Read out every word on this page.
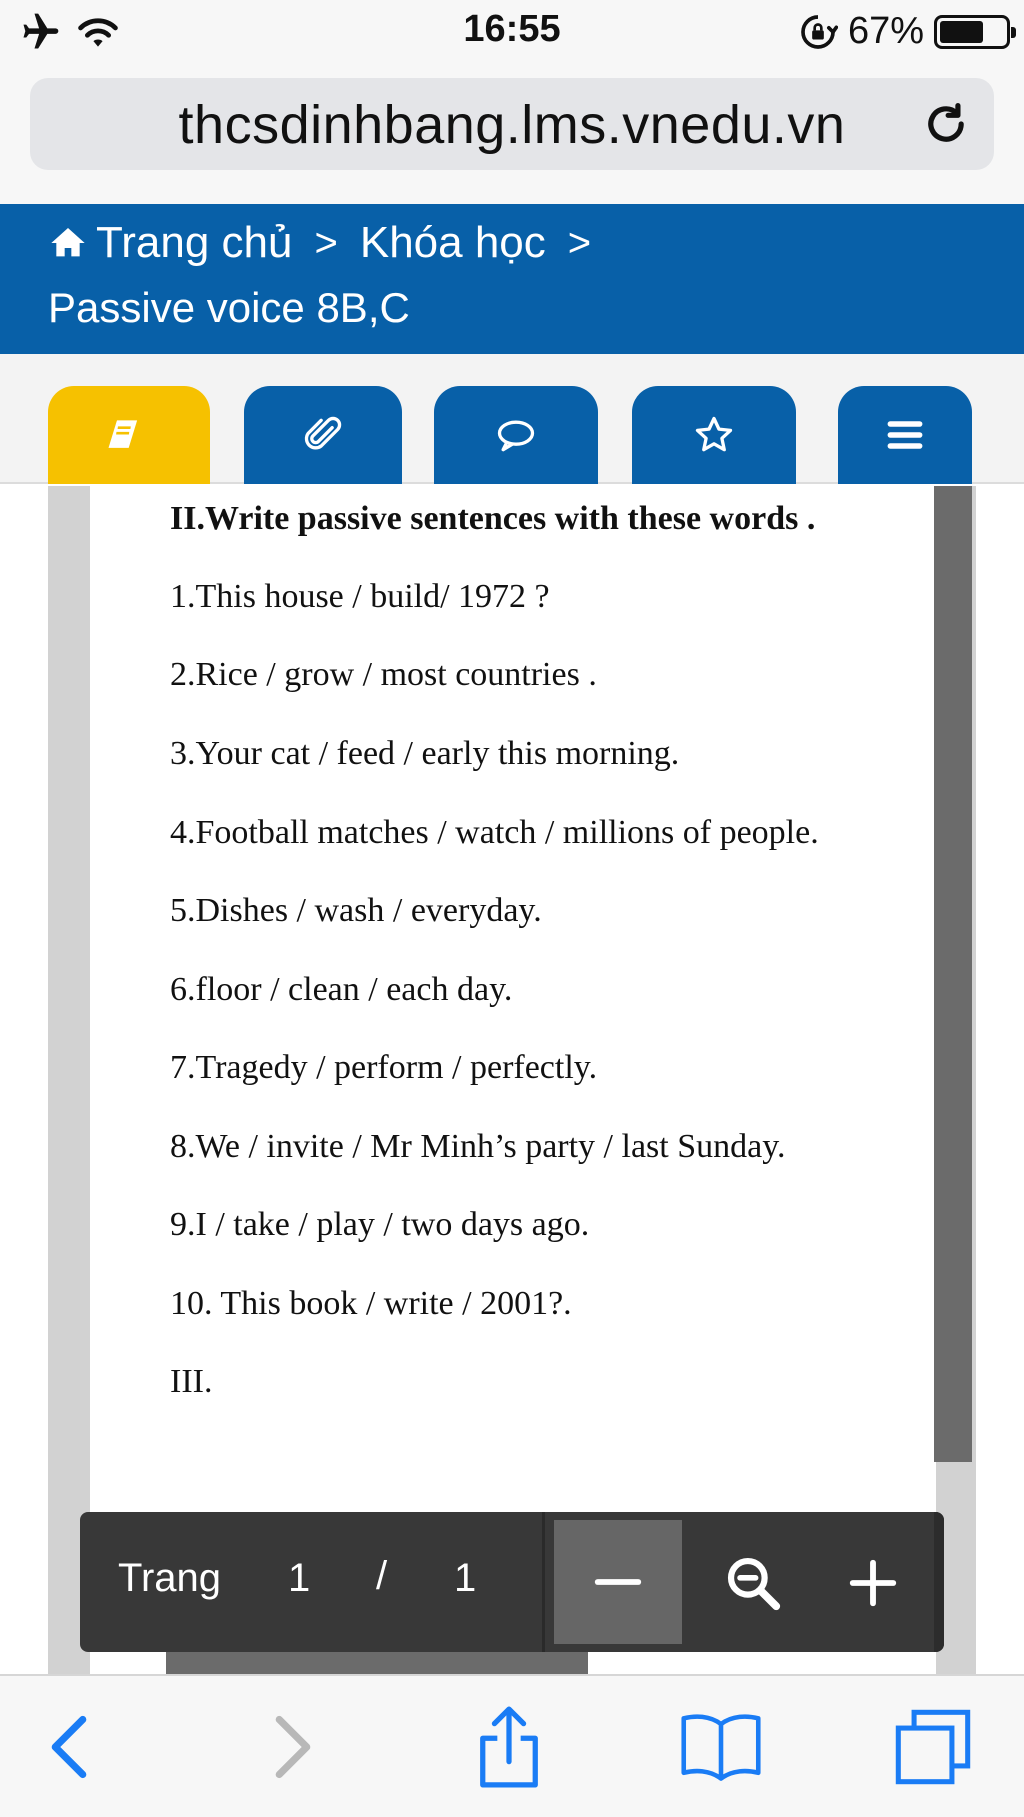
16:55	67%
thcsdinhbang.lms.vnedu.vn
Trang chủ > Khóa học >
Passive voice 8B,C
II.Write passive sentences with these words .
1.This house / build/ 1972 ?
2.Rice / grow / most countries .
3.Your cat / feed / early this morning.
4.Football matches / watch / millions of people.
5.Dishes / wash / everyday.
6.floor / clean / each day.
7.Tragedy / perform / perfectly.
8.We / invite / Mr Minh’s party / last Sunday.
9.I / take / play / two days ago.
10. This book / write / 2001?.
III.
Trang 1 / 1
